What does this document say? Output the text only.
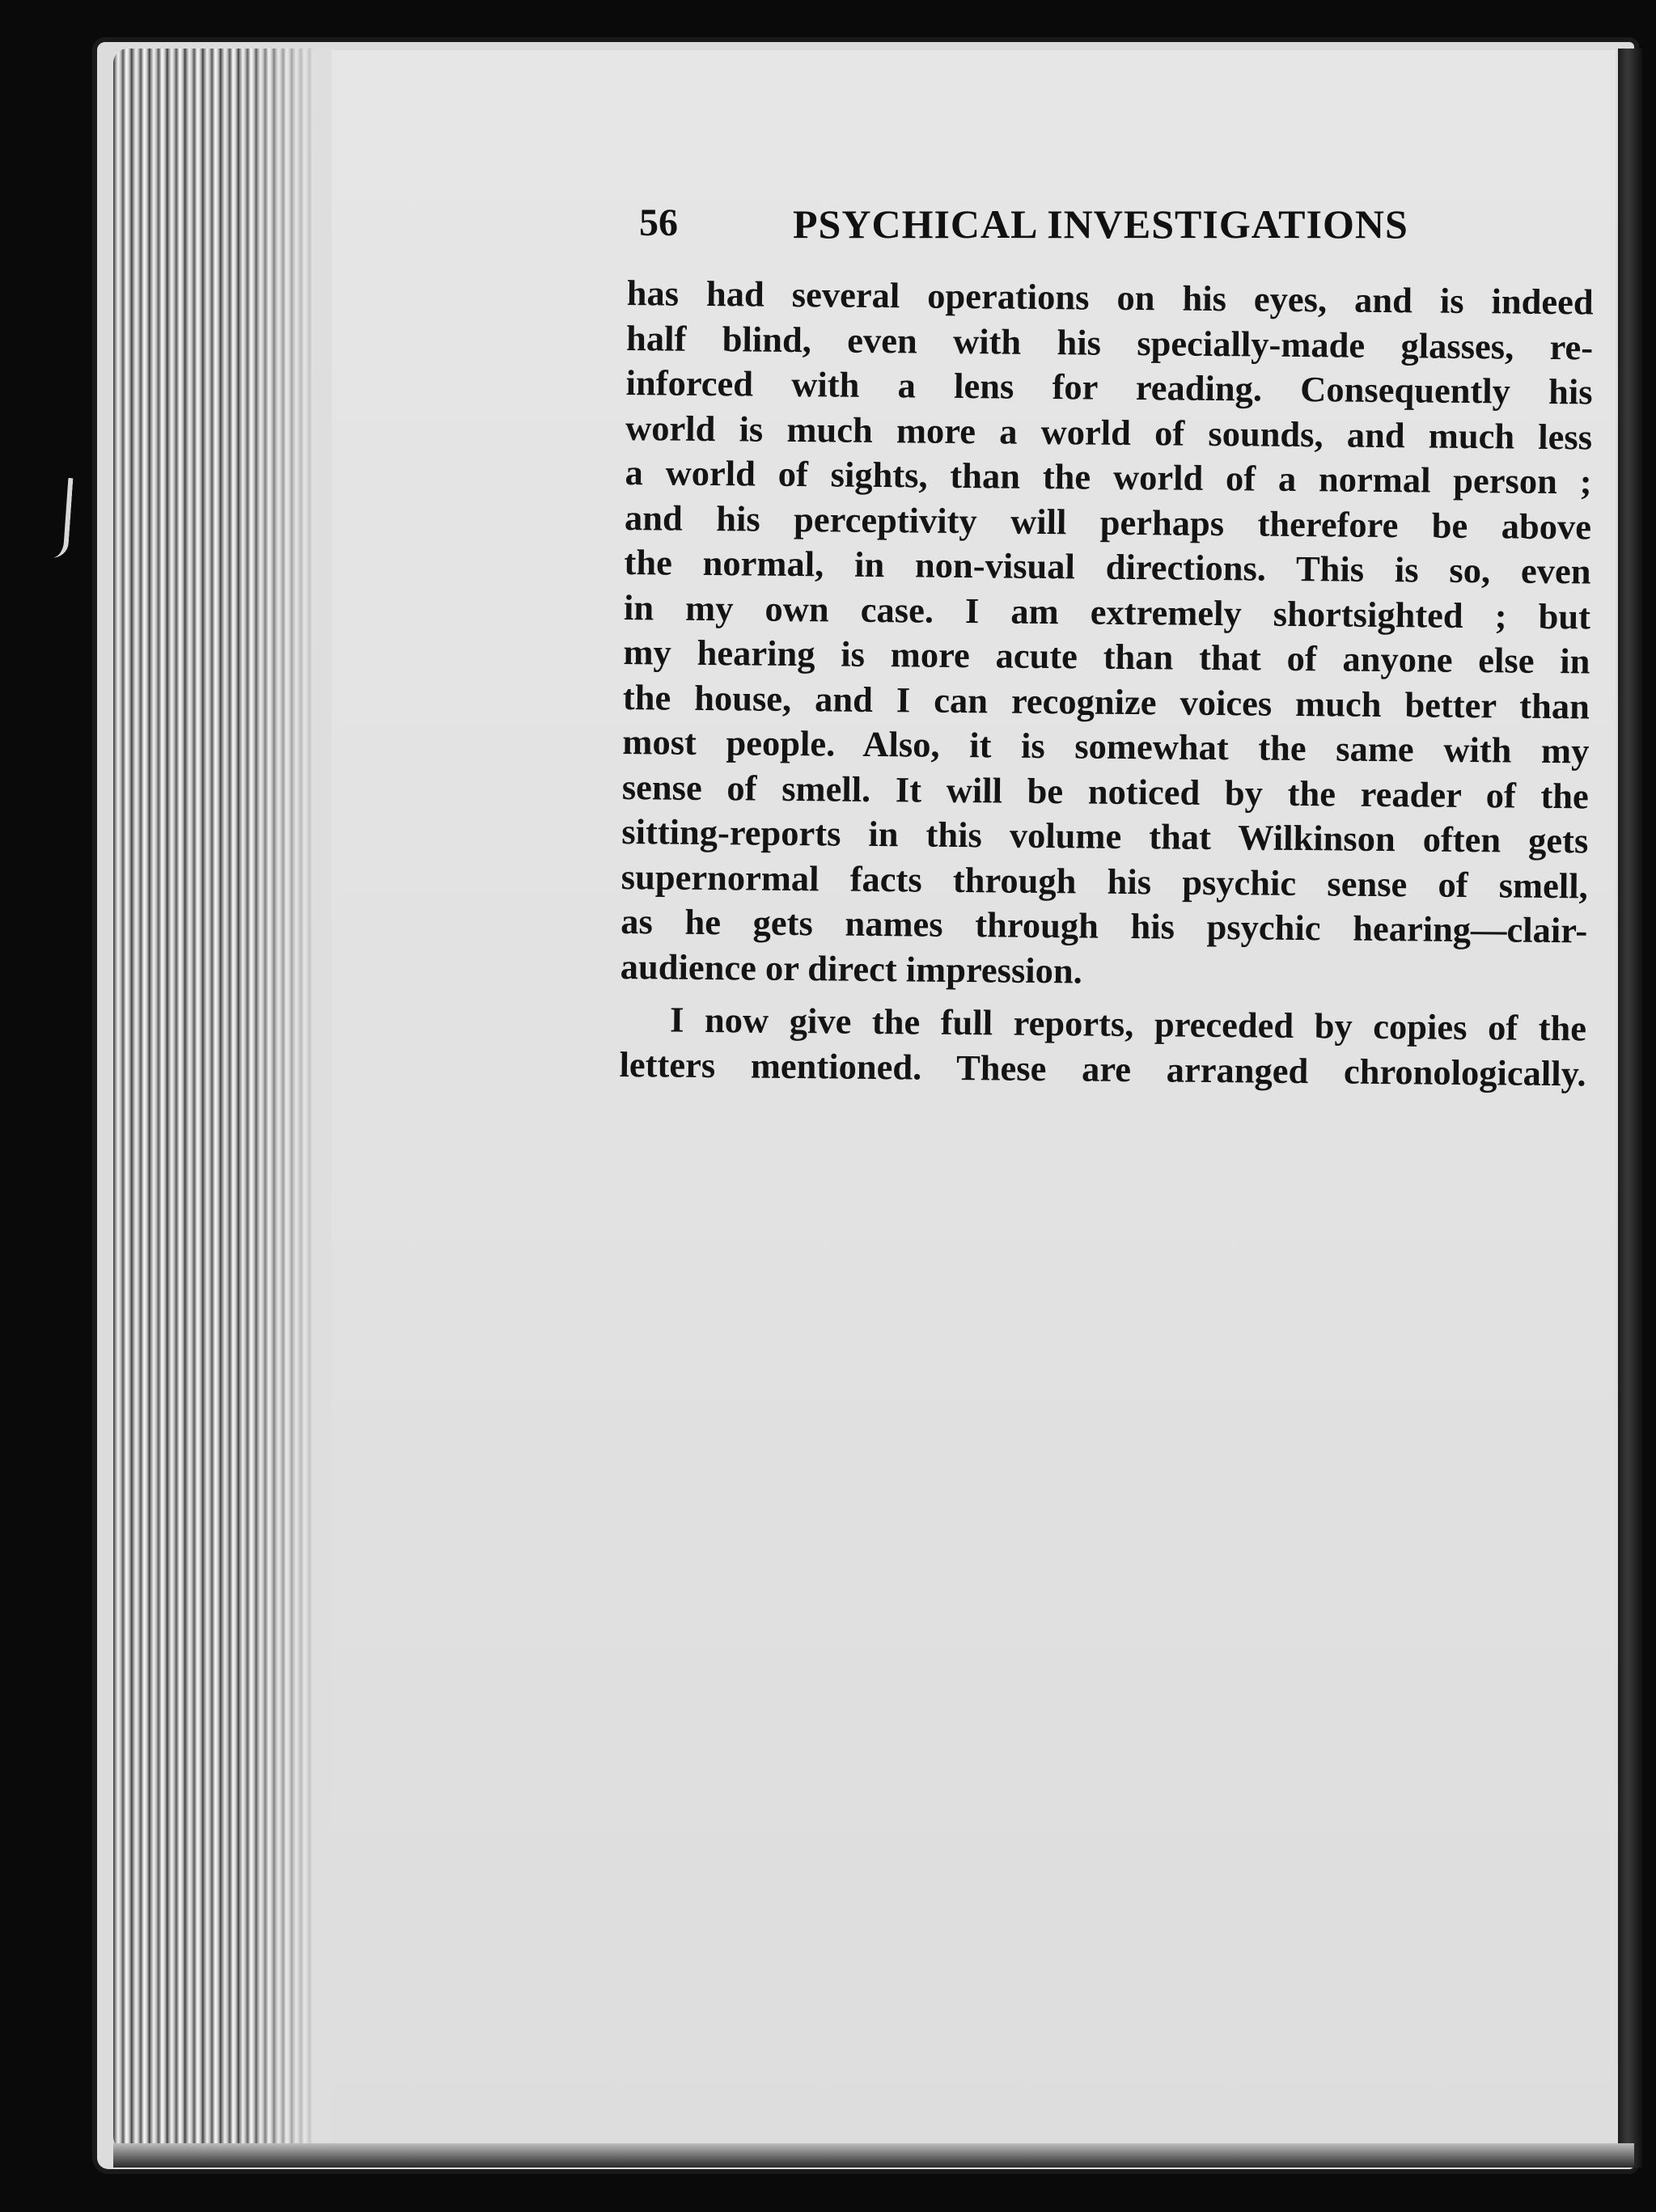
56	PSYCHICAL INVESTIGATIONS
has had several operations on his eyes, and is indeed
half blind, even with his specially-made glasses, re-
inforced with a lens for reading. Consequently his
world is much more a world of sounds, and much less
a world of sights, than the world of a normal person ;
and his perceptivity will perhaps therefore be above
the normal, in non-visual directions. This is so, even
in my own case. I am extremely shortsighted ; but
my hearing is more acute than that of anyone else in
the house, and I can recognize voices much better than
most people. Also, it is somewhat the same with my
sense of smell. It will be noticed by the reader of the
sitting-reports in this volume that Wilkinson often gets
supernormal facts through his psychic sense of smell,
as he gets names through his psychic hearing—clair-
audience or direct impression.
I now give the full reports, preceded by copies of the
letters mentioned. These are arranged chronologically.
